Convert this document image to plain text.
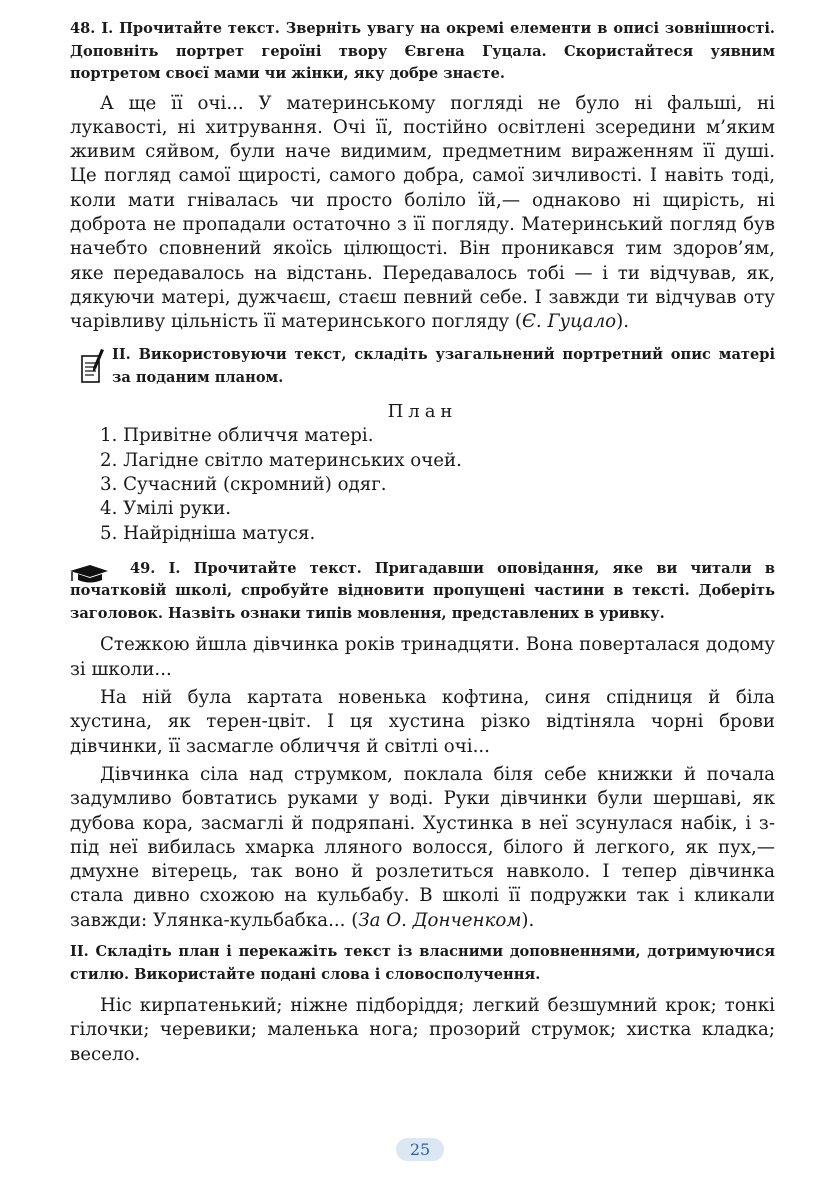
48. І. Прочитайте текст. Зверніть увагу на окремі елементи в описі зовнішності. Доповніть портрет героїні твору Євгена Гуцала. Скористайтеся уявним портретом своєї мами чи жінки, яку добре знаєте.

А ще її очі... У материнському погляді не було ні фальші, ні лукавості, ні хитрування. Очі її, постійно освітлені зсередини м’яким живим сяйвом, були наче видимим, предметним вираженням її душі. Це погляд самої щирості, самого добра, самої зичливості. І навіть тоді, коли мати гнівалась чи просто боліло їй,— однаково ні щирість, ні доброта не пропадали остаточно з її погляду. Материнський погляд був начебто сповнений якоїсь цілющості. Він проникався тим здоров’ям, яке передавалось на відстань. Передавалось тобі — і ти відчував, як, дякуючи матері, дужчаєш, стаєш певний себе. І завжди ти відчував оту чарівливу цільність її материнського погляду (Є. Гуцало).

ІІ. Використовуючи текст, складіть узагальнений портретний опис матері за поданим планом.

План
1. Привітне обличчя матері.
2. Лагідне світло материнських очей.
3. Сучасний (скромний) одяг.
4. Умілі руки.
5. Найрідніша матуся.

49. І. Прочитайте текст. Пригадавши оповідання, яке ви читали в початковій школі, спробуйте відновити пропущені частини в тексті. Доберіть заголовок. Назвіть ознаки типів мовлення, представлених в уривку.

Стежкою йшла дівчинка років тринадцяти. Вона поверталася додому зі школи...

На ній була картата новенька кофтина, синя спідниця й біла хустина, як терен-цвіт. І ця хустина різко відтіняла чорні брови дівчинки, її засмагле обличчя й світлі очі...

Дівчинка сіла над струмком, поклала біля себе книжки й почала задумливо бовтатись руками у воді. Руки дівчинки були шершаві, як дубова кора, засмаглі й подряпані. Хустинка в неї зсунулася набік, і з-під неї вибилась хмарка лляного волосся, білого й легкого, як пух,— дмухне вітерець, так воно й розлетиться навколо. І тепер дівчинка стала дивно схожою на кульбабу. В школі її подружки так і кликали завжди: Улянка-кульбабка... (За О. Донченком).

ІІ. Складіть план і перекажіть текст із власними доповненнями, дотримуючися стилю. Використайте подані слова і словосполучення.

Ніс кирпатенький; ніжне підборіддя; легкий безшумний крок; тонкі гілочки; черевики; маленька нога; прозорий струмок; хистка кладка; весело.

25
